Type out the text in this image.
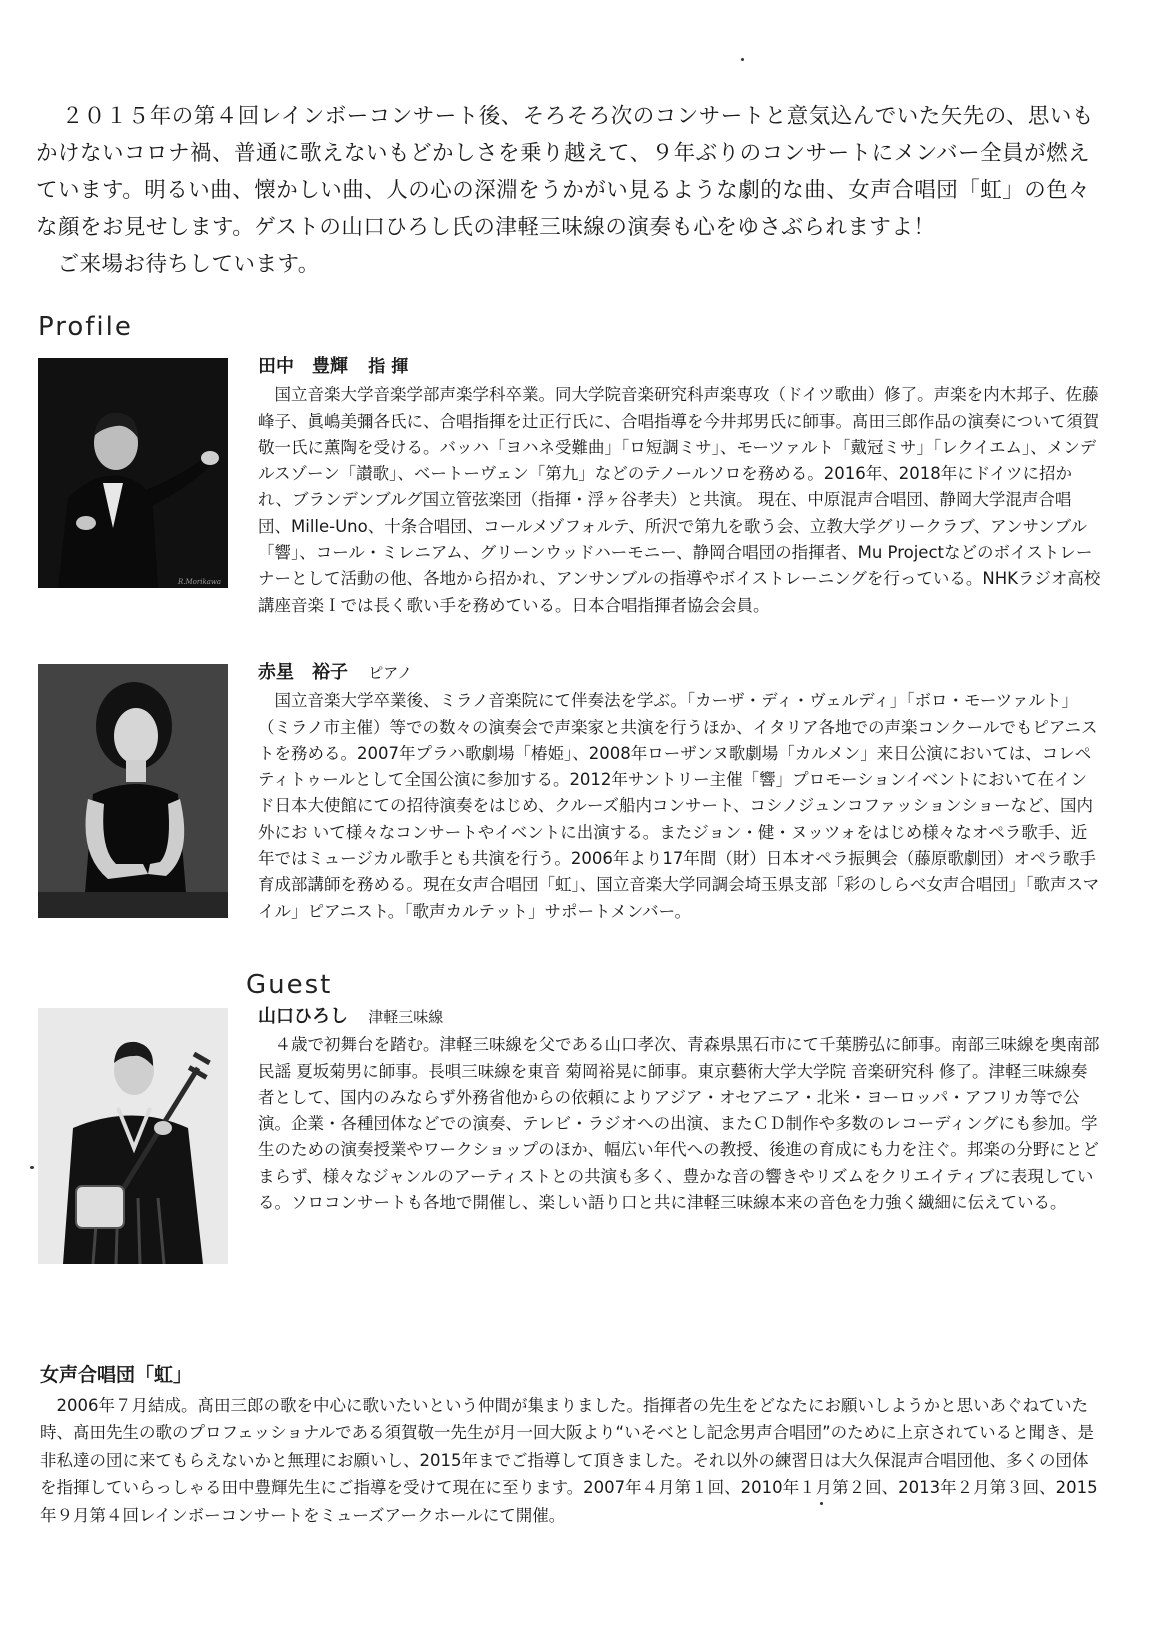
２０１５年の第４回レインボーコンサート後、そろそろ次のコンサートと意気込んでいた矢先の、思いもかけないコロナ禍、普通に歌えないもどかしさを乗り越えて、９年ぶりのコンサートにメンバー全員が燃えています。明るい曲、懐かしい曲、人の心の深淵をうかがい見るような劇的な曲、女声合唱団「虹」の色々な顔をお見せします。ゲストの山口ひろし氏の津軽三味線の演奏も心をゆさぶられますよ！

ご来場お待ちしています。

Profile
R.Morikawa
田中　豊輝 指 揮

国立音楽大学音楽学部声楽学科卒業。同大学院音楽研究科声楽専攻（ドイツ歌曲）修了。声楽を内木邦子、佐藤峰子、眞嶋美彌各氏に、合唱指揮を辻正行氏に、合唱指導を今井邦男氏に師事。髙田三郎作品の演奏について須賀敬一氏に薫陶を受ける。バッハ「ヨハネ受難曲」「ロ短調ミサ」、モーツァルト「戴冠ミサ」「レクイエム」、メンデルスゾーン「讃歌」、ベートーヴェン「第九」などのテノールソロを務める。2016年、2018年にドイツに招かれ、ブランデンブルグ国立管弦楽団（指揮・浮ヶ谷孝夫）と共演。 現在、中原混声合唱団、静岡大学混声合唱団、Mille-Uno、十条合唱団、コールメゾフォルテ、所沢で第九を歌う会、立教大学グリークラブ、アンサンブル「響」、コール・ミレニアム、グリーンウッドハーモニー、静岡合唱団の指揮者、Mu Projectなどのボイストレーナーとして活動の他、各地から招かれ、アンサンブルの指導やボイストレーニングを行っている。NHKラジオ高校講座音楽Ｉでは長く歌い手を務めている。日本合唱指揮者協会会員。

赤星　裕子 ピアノ

国立音楽大学卒業後、ミラノ音楽院にて伴奏法を学ぶ。「カーザ・ディ・ヴェルディ」「ボロ・モーツァルト」（ミラノ市主催）等での数々の演奏会で声楽家と共演を行うほか、イタリア各地での声楽コンクールでもピアニストを務める。2007年プラハ歌劇場「椿姫」、2008年ローザンヌ歌劇場「カルメン」来日公演においては、コレペティトゥールとして全国公演に参加する。2012年サントリー主催「響」プロモーションイベントにおいて在インド日本大使館にての招待演奏をはじめ、クルーズ船内コンサート、コシノジュンコファッションショーなど、国内外にお いて様々なコンサートやイベントに出演する。またジョン・健・ヌッツォをはじめ様々なオペラ歌手、近年ではミュージカル歌手とも共演を行う。2006年より17年間（財）日本オペラ振興会（藤原歌劇団）オペラ歌手育成部講師を務める。現在女声合唱団「虹」、国立音楽大学同調会埼玉県支部「彩のしらべ女声合唱団」「歌声スマイル」ピアニスト。「歌声カルテット」サポートメンバー。

Guest
山口ひろし 津軽三味線

４歳で初舞台を踏む。津軽三味線を父である山口孝次、青森県黒石市にて千葉勝弘に師事。南部三味線を奥南部民謡 夏坂菊男に師事。長唄三味線を東音 菊岡裕晃に師事。東京藝術大学大学院 音楽研究科 修了。津軽三味線奏者として、国内のみならず外務省他からの依頼によりアジア・オセアニア・北米・ヨーロッパ・アフリカ等で公演。企業・各種団体などでの演奏、テレビ・ラジオへの出演、またＣＤ制作や多数のレコーディングにも参加。学生のための演奏授業やワークショップのほか、幅広い年代への教授、後進の育成にも力を注ぐ。邦楽の分野にとどまらず、様々なジャンルのアーティストとの共演も多く、豊かな音の響きやリズムをクリエイティブに表現している。ソロコンサートも各地で開催し、楽しい語り口と共に津軽三味線本来の音色を力強く繊細に伝えている。

女声合唱団「虹」

2006年７月結成。髙田三郎の歌を中心に歌いたいという仲間が集まりました。指揮者の先生をどなたにお願いしようかと思いあぐねていた時、髙田先生の歌のプロフェッショナルである須賀敬一先生が月一回大阪より“いそべとし記念男声合唱団”のために上京されていると聞き、是非私達の団に来てもらえないかと無理にお願いし、2015年までご指導して頂きました。それ以外の練習日は大久保混声合唱団他、多くの団体を指揮していらっしゃる田中豊輝先生にご指導を受けて現在に至ります。2007年４月第１回、2010年１月第２回、2013年２月第３回、2015年９月第４回レインボーコンサートをミューズアークホールにて開催。
